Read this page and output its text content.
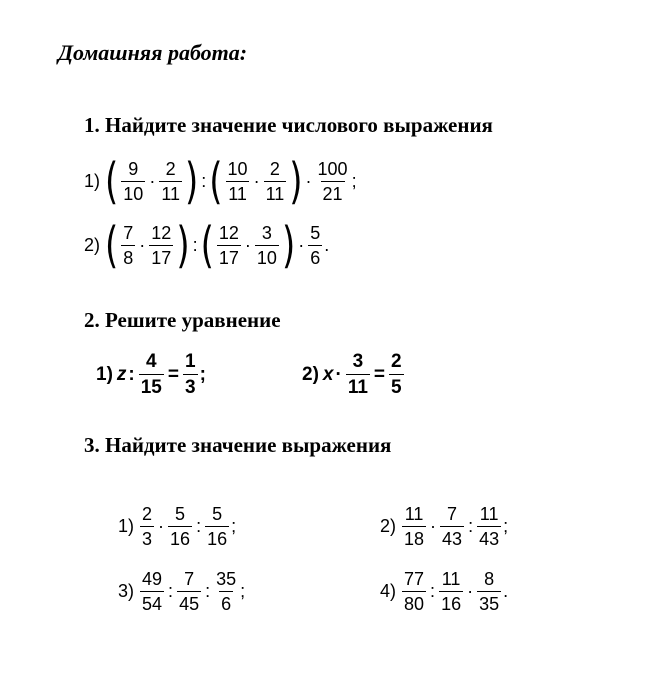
Домашняя работа:
1. Найдите значение числового выражения
1) ( $\frac{9}{10} \cdot \frac{2}{11}$ ) : ( $\frac{10}{11} \cdot \frac{2}{11}$ ) · $\frac{100}{21}$ ;
2) ( $\frac{7}{8} \cdot \frac{12}{17}$ ) : ( $\frac{12}{17} \cdot \frac{3}{10}$ ) · $\frac{5}{6}$ .
2. Решите уравнение
1) z : $\frac{4}{15} = \frac{1}{3}$ ;	2) $x \cdot \frac{3}{11} = \frac{2}{5}$
3. Найдите значение выражения
$1) \frac{2}{3} \cdot \frac{5}{16}$ : $\frac{5}{16}$ ;	$2) \frac{11}{18} \cdot \frac{7}{43}$ : $\frac{11}{43}$ ;
$3) \frac{49}{54}$ : $\frac{7}{45}$ : $\frac{35}{6}$ ;	$4) \frac{77}{80}$ : $\frac{11}{16} \cdot \frac{8}{35}$ .
